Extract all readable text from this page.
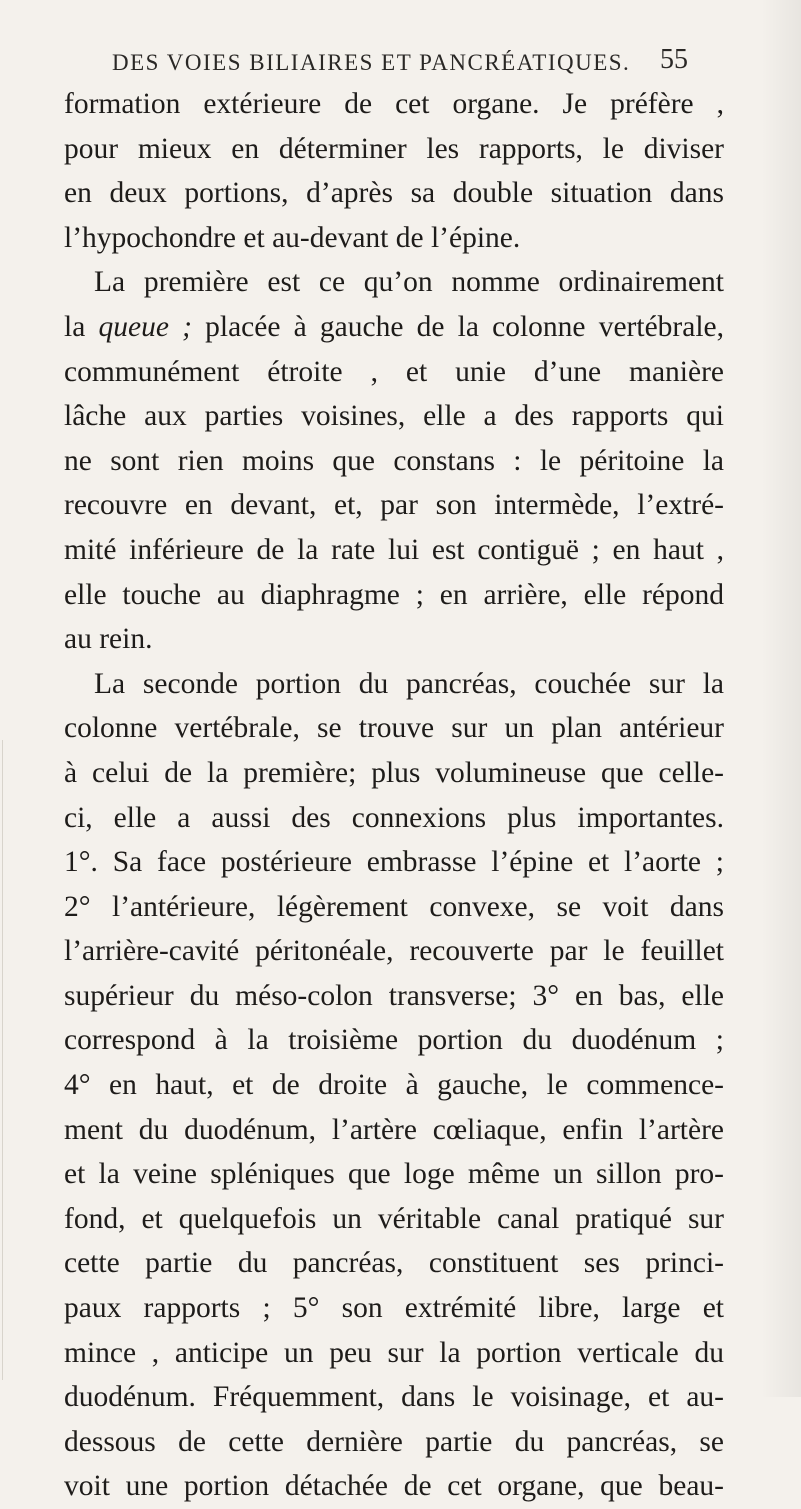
DES VOIES BILIAIRES ET PANCRÉATIQUES.	55
formation extérieure de cet organe. Je préfère ,
pour mieux en déterminer les rapports, le diviser
en deux portions, d’après sa double situation dans
l’hypochondre et au-devant de l’épine.
La première est ce qu’on nomme ordinairement
la queue ; placée à gauche de la colonne vertébrale,
communément étroite , et unie d’une manière
lâche aux parties voisines, elle a des rapports qui
ne sont rien moins que constans : le péritoine la
recouvre en devant, et, par son intermède, l’extré-
mité inférieure de la rate lui est contiguë ; en haut ,
elle touche au diaphragme ; en arrière, elle répond
au rein.
La seconde portion du pancréas, couchée sur la
colonne vertébrale, se trouve sur un plan antérieur
à celui de la première; plus volumineuse que celle-
ci, elle a aussi des connexions plus importantes.
1°. Sa face postérieure embrasse l’épine et l’aorte ;
2° l’antérieure, légèrement convexe, se voit dans
l’arrière-cavité péritonéale, recouverte par le feuillet
supérieur du méso-colon transverse; 3° en bas, elle
correspond à la troisième portion du duodénum ;
4° en haut, et de droite à gauche, le commence-
ment du duodénum, l’artère cœliaque, enfin l’artère
et la veine spléniques que loge même un sillon pro-
fond, et quelquefois un véritable canal pratiqué sur
cette partie du pancréas, constituent ses princi-
paux rapports ; 5° son extrémité libre, large et
mince , anticipe un peu sur la portion verticale du
duodénum. Fréquemment, dans le voisinage, et au-
dessous de cette dernière partie du pancréas, se
voit une portion détachée de cet organe, que beau-
